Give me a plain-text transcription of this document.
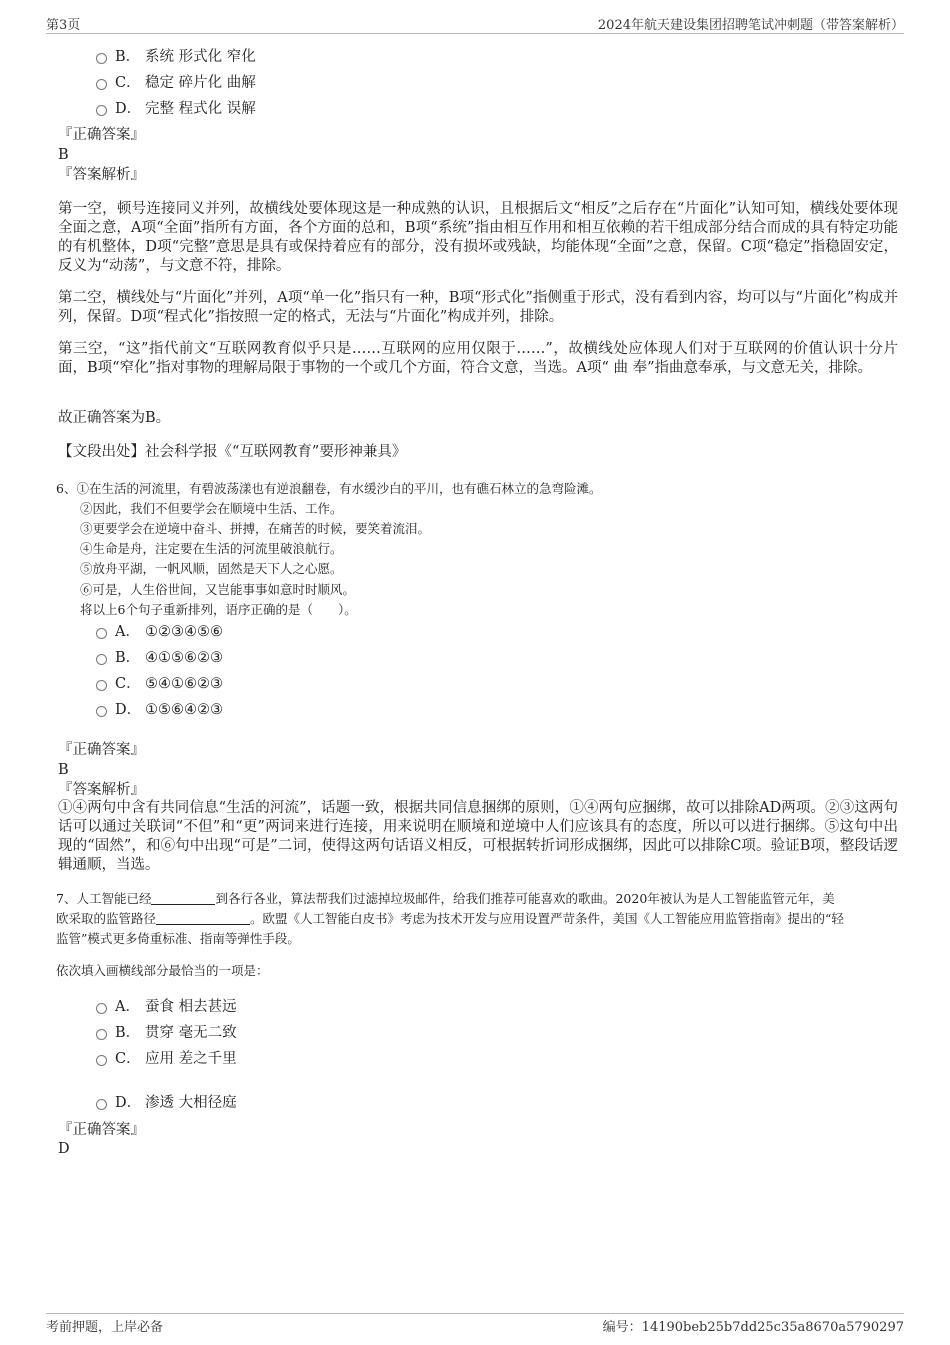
第3页	2024年航天建设集团招聘笔试冲刺题（带答案解析）
B． 系统 形式化 窄化
C． 稳定 碎片化 曲解
D． 完整 程式化 误解
『正确答案』
B
『答案解析』
第一空，顿号连接同义并列，故横线处要体现这是一种成熟的认识，且根据后文“相反”之后存在“片面化”认知可知，横线处要体现全面之意，A项“全面”指所有方面，各个方面的总和，B项“系统”指由相互作用和相互依赖的若干组成部分结合而成的具有特定功能的有机整体，D项“完整”意思是具有或保持着应有的部分，没有损坏或残缺，均能体现“全面”之意，保留。C项“稳定”指稳固安定，反义为“动荡”，与文意不符，排除。
第二空，横线处与“片面化”并列，A项“单一化”指只有一种，B项“形式化”指侧重于形式，没有看到内容，均可以与“片面化”构成并列，保留。D项“程式化”指按照一定的格式，无法与“片面化”构成并列，排除。
第三空，“这”指代前文“互联网教育似乎只是……互联网的应用仅限于……”，故横线处应体现人们对于互联网的价值认识十分片面，B项“窄化”指对事物的理解局限于事物的一个或几个方面，符合文意，当选。A项“ 曲 奉”指曲意奉承，与文意无关，排除。
故正确答案为B。
【文段出处】社会科学报《“互联网教育”要形神兼具》
6、①在生活的河流里，有碧波荡漾也有逆浪翻卷，有水缓沙白的平川，也有礁石林立的急弯险滩。
②因此，我们不但要学会在顺境中生活、工作。
③更要学会在逆境中奋斗、拼搏，在痛苦的时候，要笑着流泪。
④生命是舟，注定要在生活的河流里破浪航行。
⑤放舟平湖，一帆风顺，固然是天下人之心愿。
⑥可是，人生俗世间，又岂能事事如意时时顺风。
将以上6个句子重新排列，语序正确的是（　　）。
A． ①②③④⑤⑥
B． ④①⑤⑥②③
C． ⑤④①⑥②③
D． ①⑤⑥④②③
『正确答案』
B
『答案解析』
①④两句中含有共同信息“生活的河流”，话题一致，根据共同信息捆绑的原则，①④两句应捆绑，故可以排除AD两项。②③这两句话可以通过关联词“不但”和“更”两词来进行连接，用来说明在顺境和逆境中人们应该具有的态度，所以可以进行捆绑。⑤这句中出现的“固然”，和⑥句中出现“可是”二词，使得这两句话语义相反，可根据转折词形成捆绑，因此可以排除C项。验证B项，整段话逻辑通顺，当选。
7、人工智能已经	到各行各业，算法帮我们过滤掉垃圾邮件，给我们推荐可能喜欢的歌曲。2020年被认为是人工智能监管元年，美
欧采取的监管路径	。欧盟《人工智能白皮书》考虑为技术开发与应用设置严苛条件，美国《人工智能应用监管指南》提出的“轻
监管”模式更多倚重标准、指南等弹性手段。
依次填入画横线部分最恰当的一项是：
A． 蚕食 相去甚远
B． 贯穿 毫无二致
C． 应用 差之千里
D． 渗透 大相径庭
『正确答案』
D
考前押题，上岸必备	编号：14190beb25b7dd25c35a8670a5790297
